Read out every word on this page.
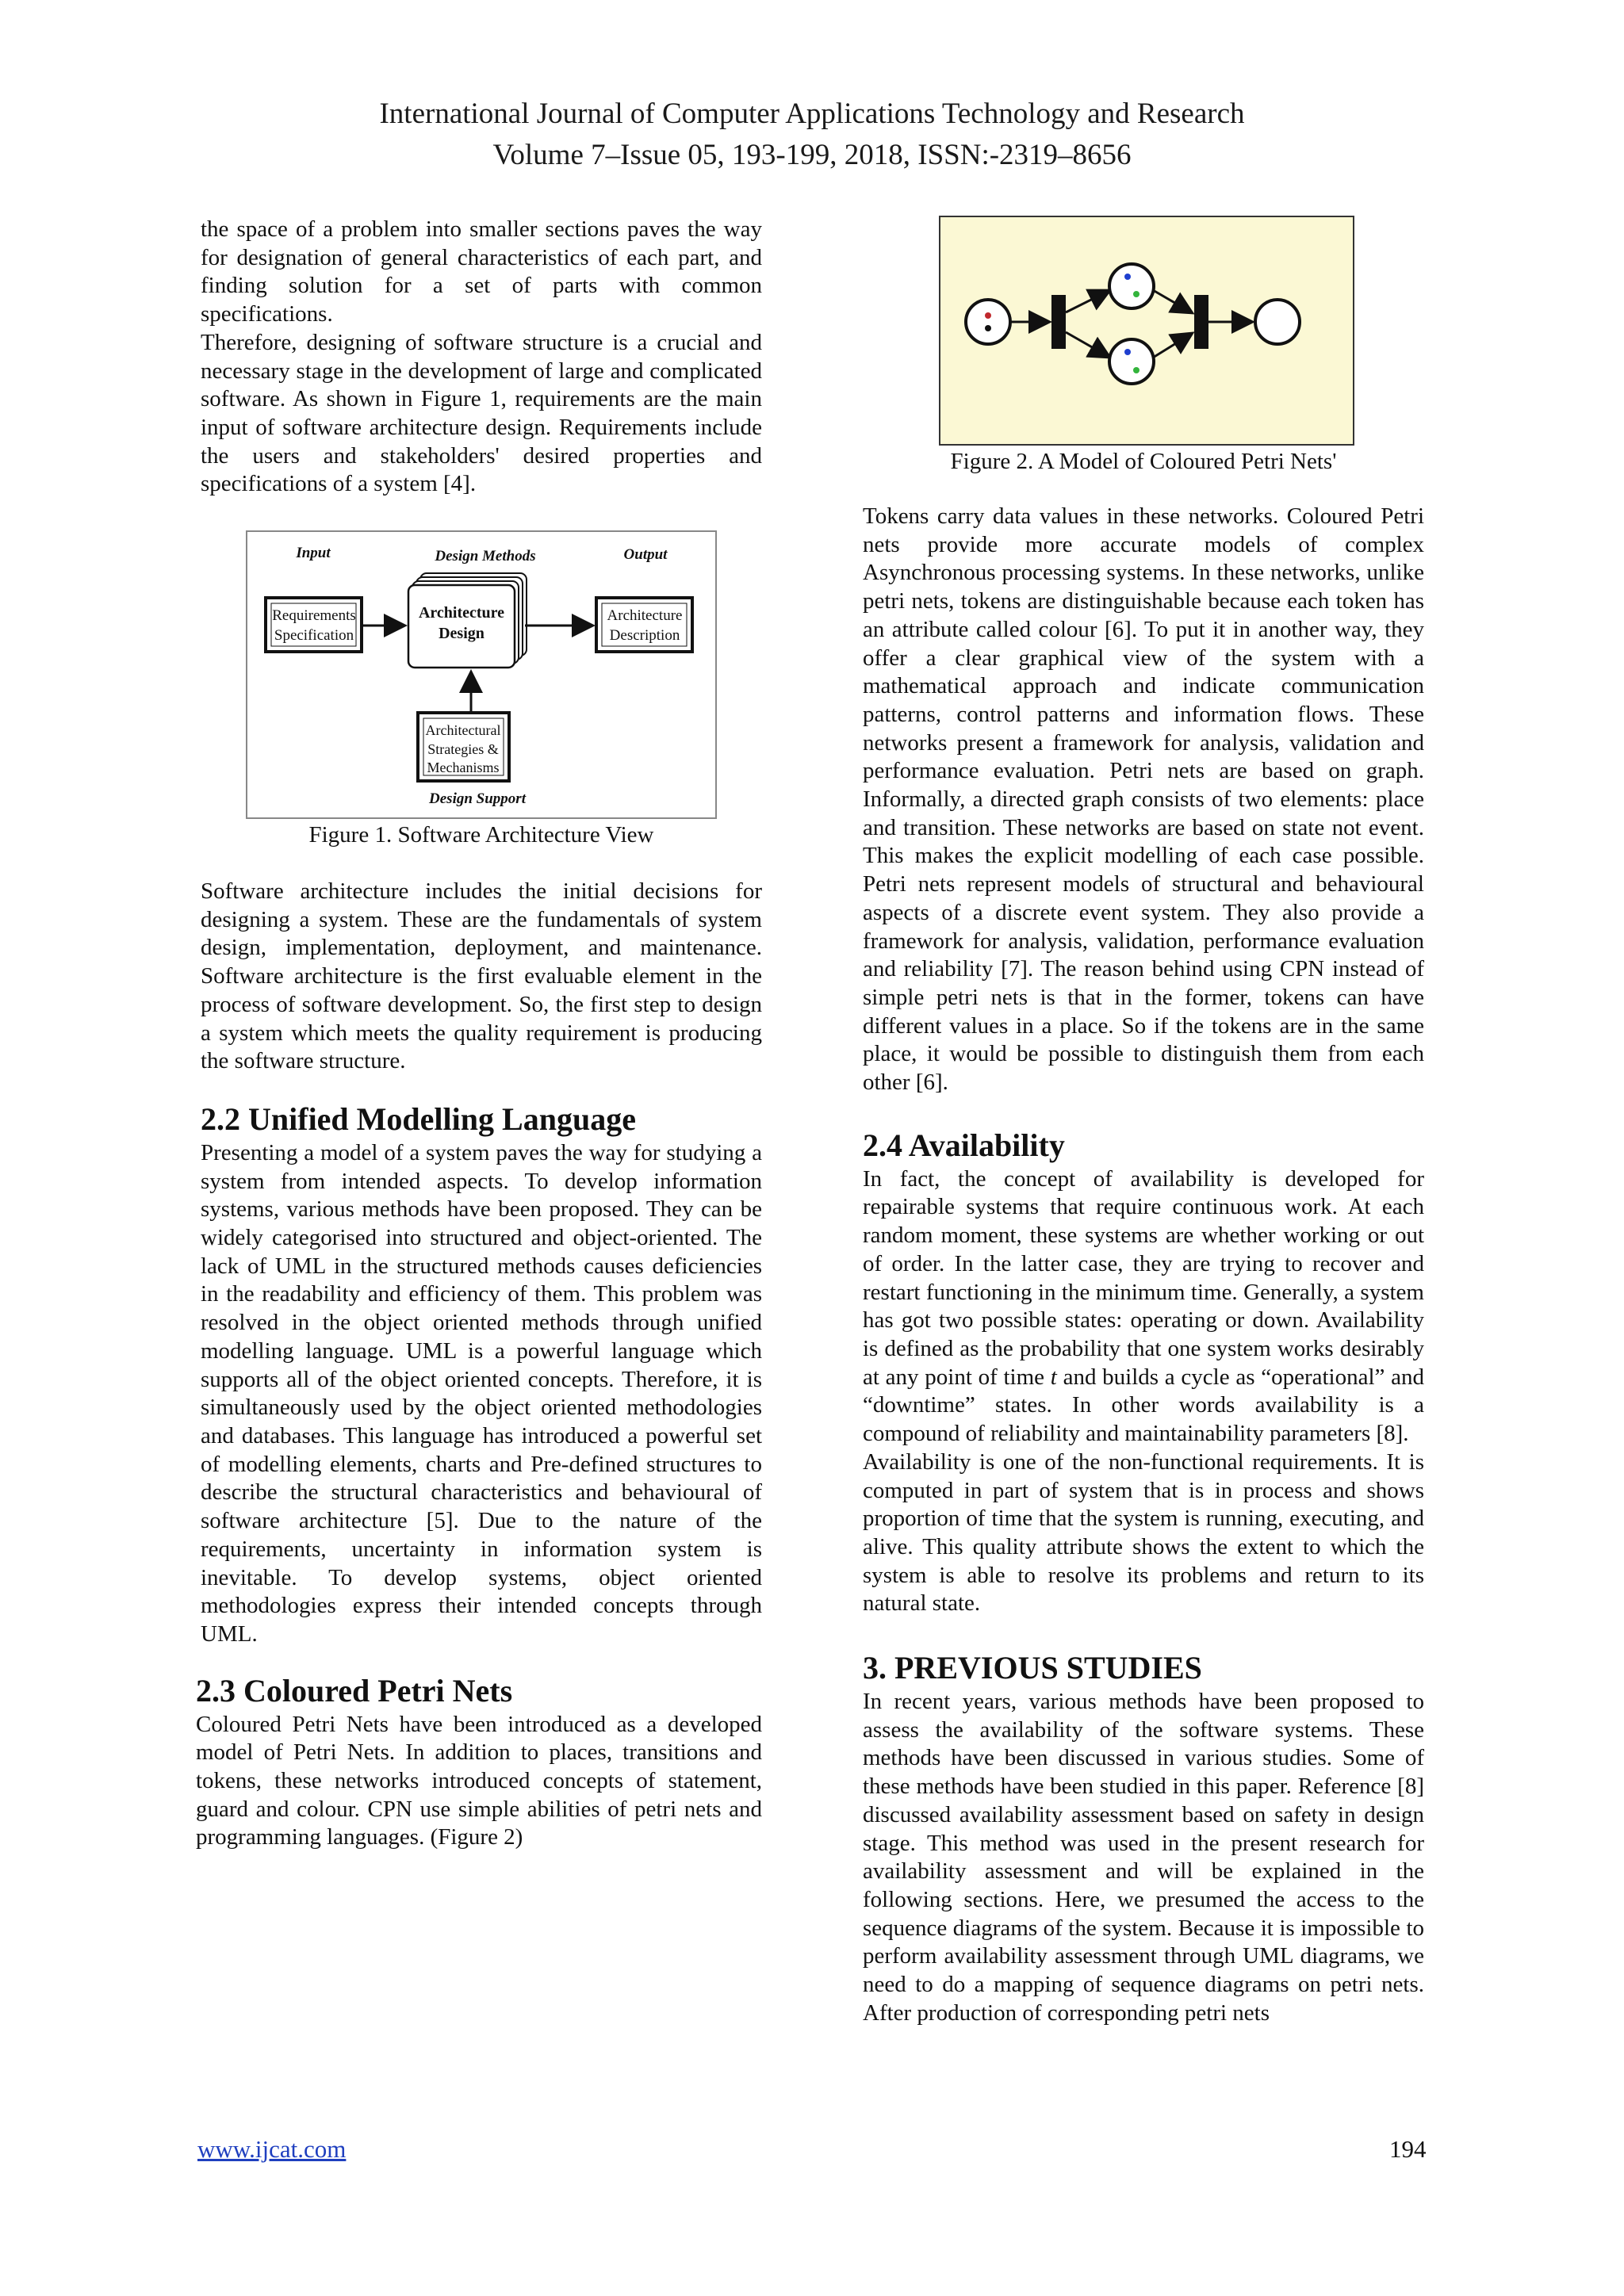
International Journal of Computer Applications Technology and Research
Volume 7–Issue 05, 193-199, 2018, ISSN:-2319–8656

the space of a problem into smaller sections paves the way for designation of general characteristics of each part, and finding solution for a set of parts with common specifications.

Therefore, designing of software structure is a crucial and necessary stage in the development of large and complicated software. As shown in Figure 1, requirements are the main input of software architecture design. Requirements include the users and stakeholders' desired properties and specifications of a system [4].

Input	Design Methods	Output
Design Support
Requirements
Specification
Architecture
Design
Architecture
Description
Architectural
Strategies &
Mechanisms

Figure 1. Software Architecture View

Software architecture includes the initial decisions for designing a system. These are the fundamentals of system design, implementation, deployment, and maintenance. Software architecture is the first evaluable element in the process of software development. So, the first step to design a system which meets the quality requirement is producing the software structure.

2.2 Unified Modelling Language

Presenting a model of a system paves the way for studying a system from intended aspects. To develop information systems, various methods have been proposed. They can be widely categorised into structured and object-oriented. The lack of UML in the structured methods causes deficiencies in the readability and efficiency of them. This problem was resolved in the object oriented methods through unified modelling language. UML is a powerful language which supports all of the object oriented concepts. Therefore, it is simultaneously used by the object oriented methodologies and databases. This language has introduced a powerful set of modelling elements, charts and Pre-defined structures to describe the structural characteristics and behavioural of software architecture [5]. Due to the nature of the requirements, uncertainty in information system is inevitable. To develop systems, object oriented methodologies express their intended concepts through UML.

2.3 Coloured Petri Nets

Coloured Petri Nets have been introduced as a developed model of Petri Nets. In addition to places, transitions and tokens, these networks introduced concepts of statement, guard and colour. CPN use simple abilities of petri nets and programming languages. (Figure 2)

Figure 2. A Model of Coloured Petri Nets'

Tokens carry data values in these networks. Coloured Petri nets provide more accurate models of complex Asynchronous processing systems. In these networks, unlike petri nets, tokens are distinguishable because each token has an attribute called colour [6]. To put it in another way, they offer a clear graphical view of the system with a mathematical approach and indicate communication patterns, control patterns and information flows. These networks present a framework for analysis, validation and performance evaluation. Petri nets are based on graph. Informally, a directed graph consists of two elements: place and transition. These networks are based on state not event. This makes the explicit modelling of each case possible. Petri nets represent models of structural and behavioural aspects of a discrete event system. They also provide a framework for analysis, validation, performance evaluation and reliability [7]. The reason behind using CPN instead of simple petri nets is that in the former, tokens can have different values in a place. So if the tokens are in the same place, it would be possible to distinguish them from each other [6].

2.4 Availability

In fact, the concept of availability is developed for repairable systems that require continuous work. At each random moment, these systems are whether working or out of order. In the latter case, they are trying to recover and restart functioning in the minimum time. Generally, a system has got two possible states: operating or down. Availability is defined as the probability that one system works desirably at any point of time t and builds a cycle as “operational” and “downtime” states. In other words availability is a compound of reliability and maintainability parameters [8].

Availability is one of the non-functional requirements. It is computed in part of system that is in process and shows proportion of time that the system is running, executing, and alive. This quality attribute shows the extent to which the system is able to resolve its problems and return to its natural state.

3. PREVIOUS STUDIES

In recent years, various methods have been proposed to assess the availability of the software systems. These methods have been discussed in various studies. Some of these methods have been studied in this paper. Reference [8] discussed availability assessment based on safety in design stage. This method was used in the present research for availability assessment and will be explained in the following sections. Here, we presumed the access to the sequence diagrams of the system. Because it is impossible to perform availability assessment through UML diagrams, we need to do a mapping of sequence diagrams on petri nets. After production of corresponding petri nets

www.ijcat.com	194
